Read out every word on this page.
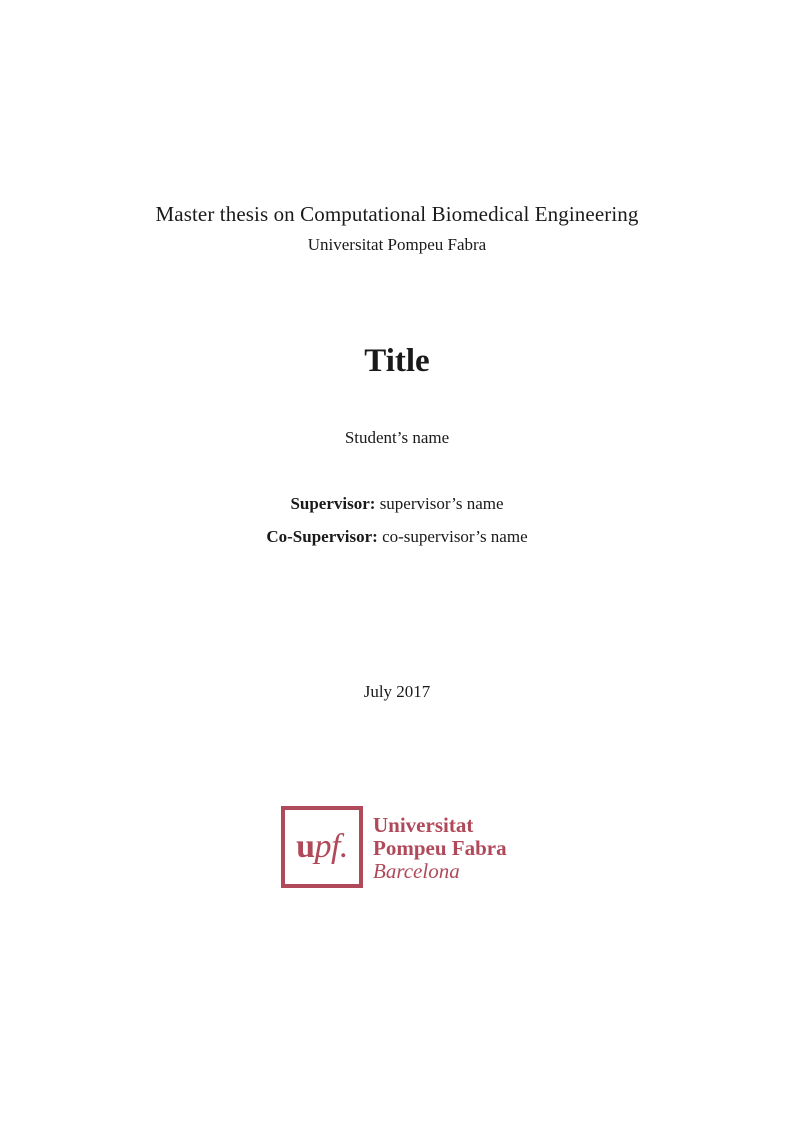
Master thesis on Computational Biomedical Engineering
Universitat Pompeu Fabra
Title
Student’s name
Supervisor: supervisor’s name
Co-Supervisor: co-supervisor’s name
July 2017
upf.
Universitat
Pompeu Fabra
Barcelona
